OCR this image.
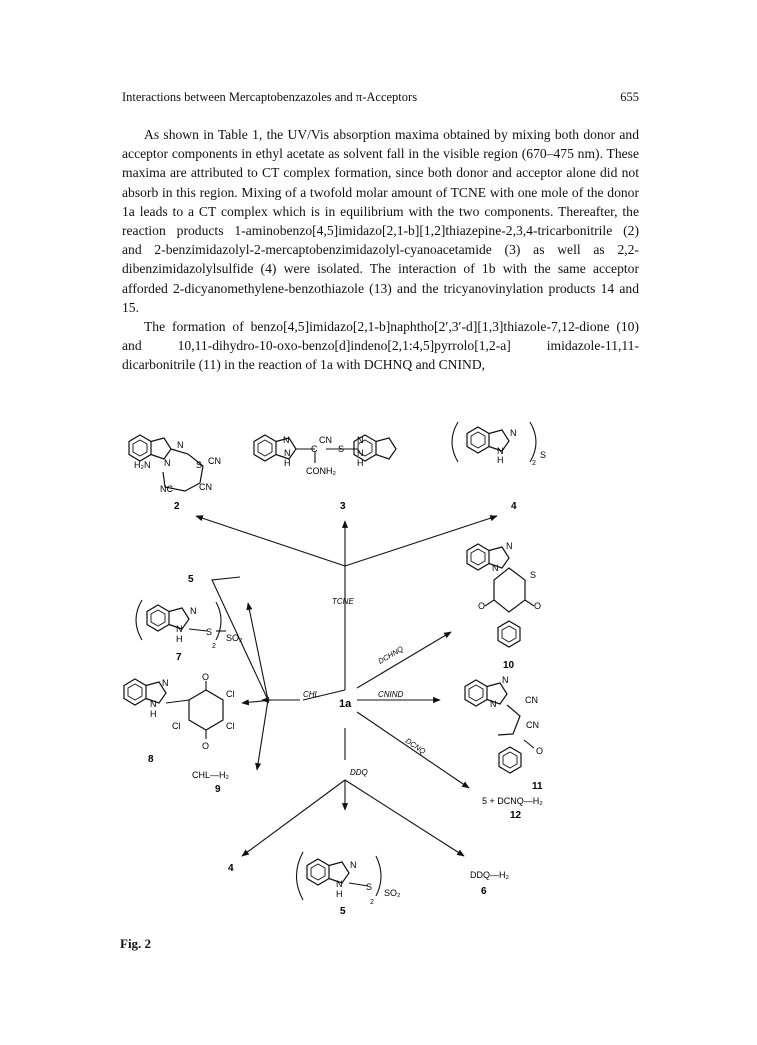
Interactions between Mercaptobenzazoles and π-Acceptors	655

As shown in Table 1, the UV/Vis absorption maxima obtained by mixing both donor and acceptor components in ethyl acetate as solvent fall in the visible region (670–475 nm). These maxima are attributed to CT complex formation, since both donor and acceptor alone did not absorb in this region. Mixing of a twofold molar amount of TCNE with one mole of the donor 1a leads to a CT complex which is in equilibrium with the two components. Thereafter, the reaction products 1-aminobenzo[4,5]imidazo[2,1-b][1,2]thiazepine-2,3,4-tricarbonitrile (2) and 2-benzimidazolyl-2-mercaptobenzimidazolyl-cyanoacetamide (3) as well as 2,2-dibenzimidazolylsulfide (4) were isolated. The interaction of 1b with the same acceptor afforded 2-dicyanomethylene-benzothiazole (13) and the tricyanovinylation products 14 and 15.

The formation of benzo[4,5]imidazo[2,1-b]naphtho[2′,3′-d][1,3]thiazole-7,12-dione (10) and 10,11-dihydro-10-oxo-benzo[d]indeno[2,1:4,5]pyrrolo[1,2-a] imidazole-11,11-dicarbonitrile (11) in the reaction of 1a with DCHNQ and CNIND,

TCNE
CHL	CNIND
DCHNQ
DCNQ
DDQ
1a
N
N	S CN
H₂N
NC	CN
2
N	CN
C S
N
N
H
N
H
CONH₂
3
N
N
H	2
S
4
5
N
N
H
S
SO₂
2
7
N
N
H
O
O
Cl
Cl
Cl
8
CHL—H₂
9
N
N
S
O	O
10
N
N	CN
CN
O
11
5 + DCNQ—H₂
12
4	N
N
H
S
SO₂
2
5
DDQ—H₂
6
Fig. 2
